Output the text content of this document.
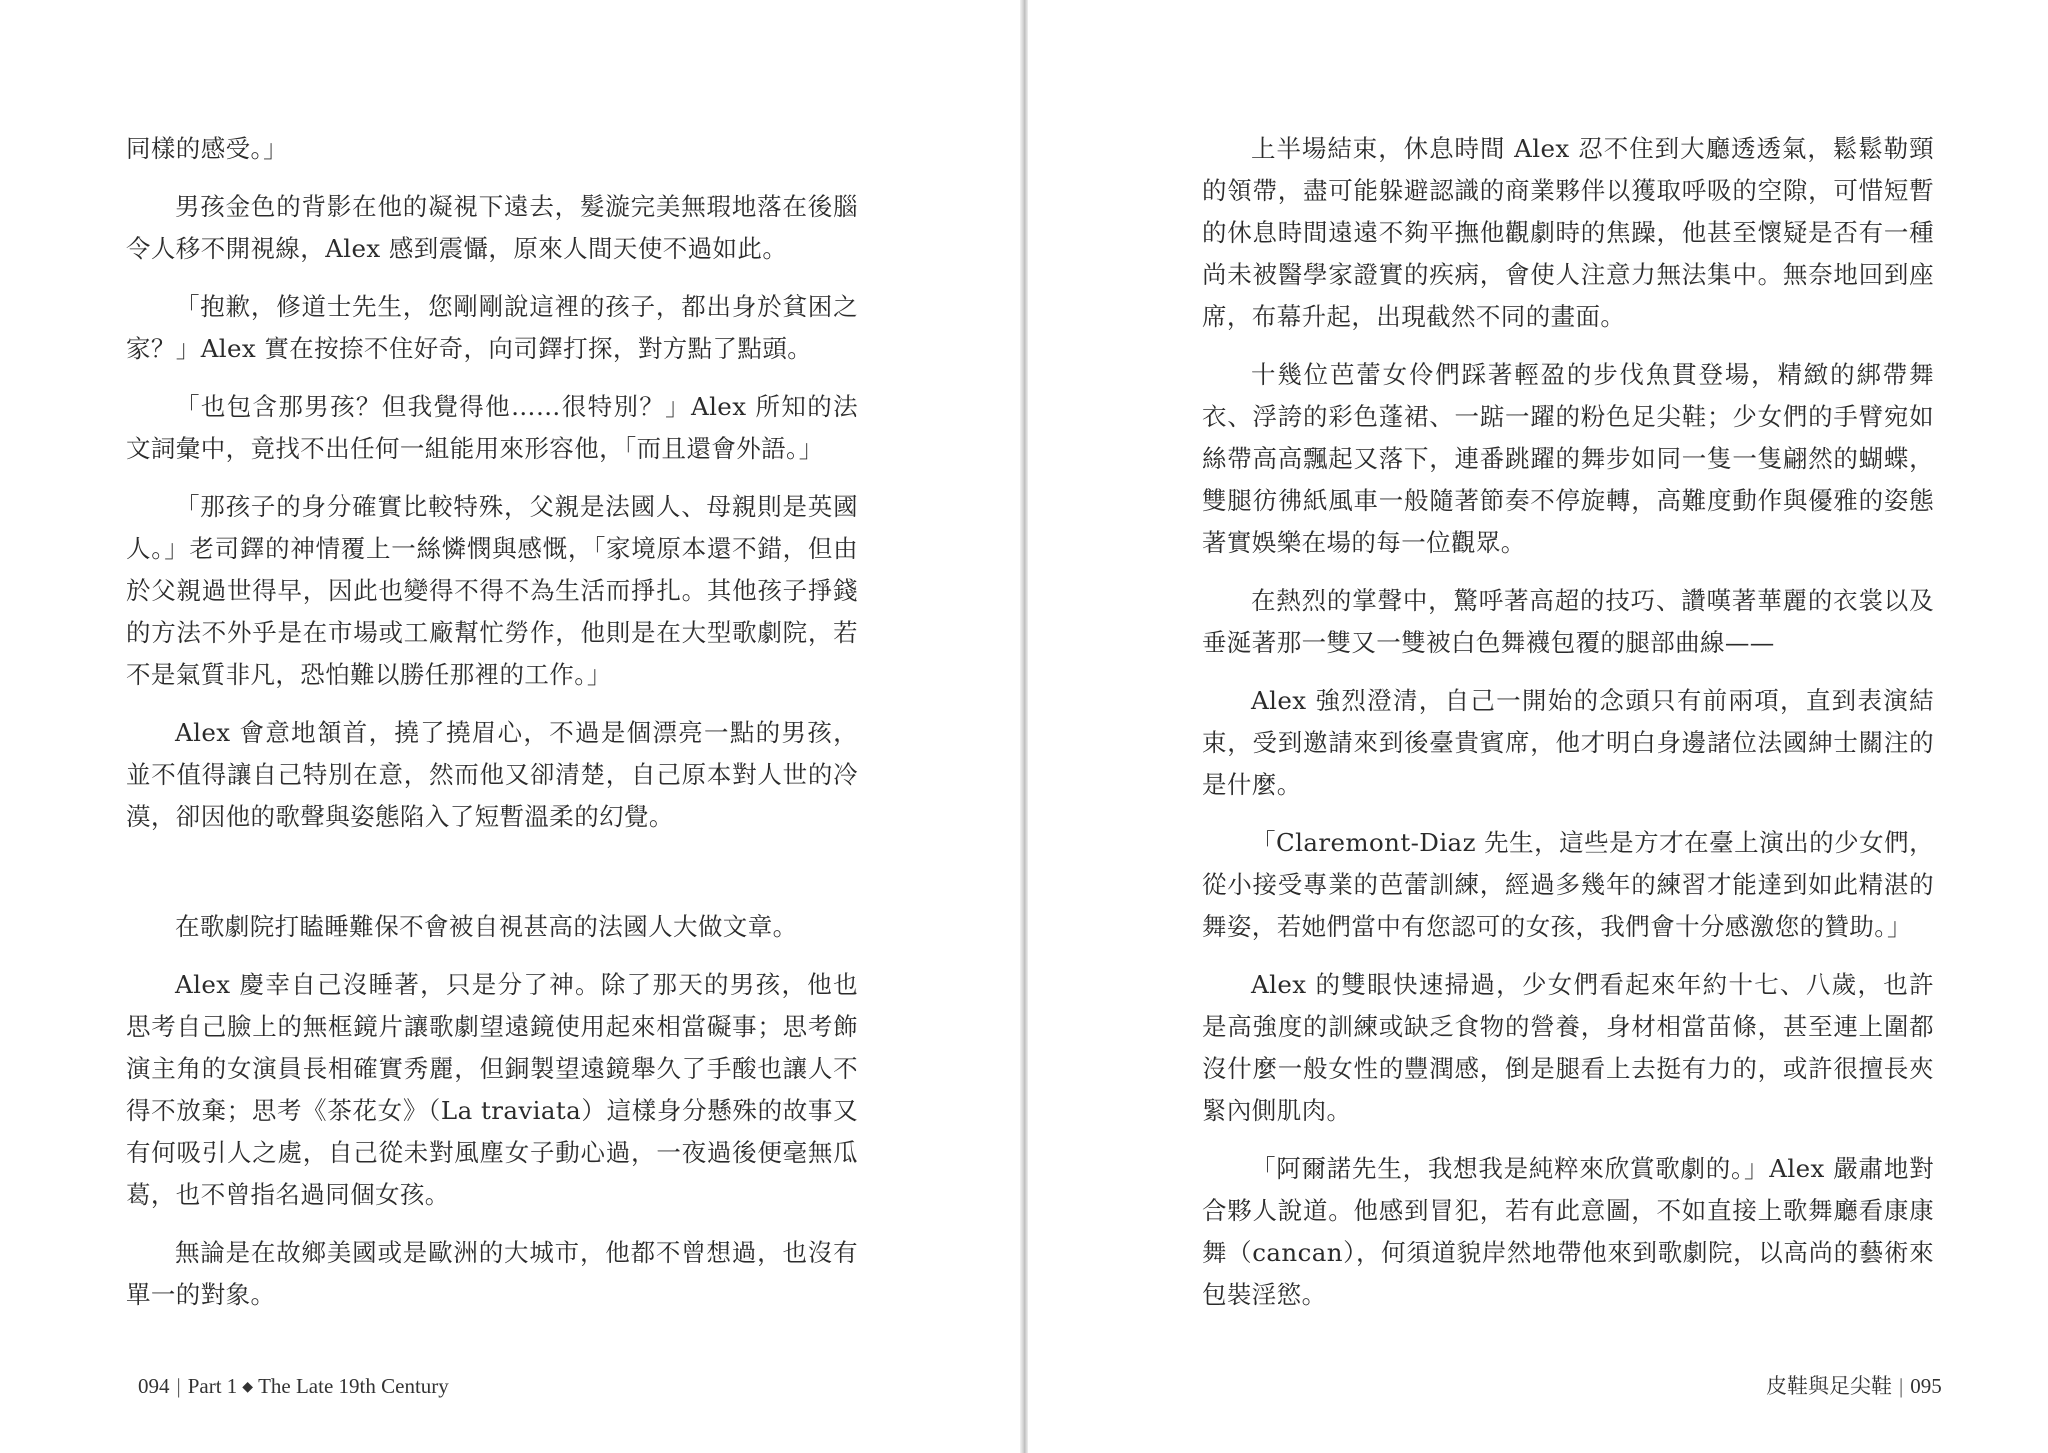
同樣的感受。」

男孩金色的背影在他的凝視下遠去，髮漩完美無瑕地落在後腦令人移不開視線，Alex 感到震懾，原來人間天使不過如此。

「抱歉，修道士先生，您剛剛說這裡的孩子，都出身於貧困之家？」Alex 實在按捺不住好奇，向司鐸打探，對方點了點頭。

「也包含那男孩？但我覺得他……很特別？」Alex 所知的法文詞彙中，竟找不出任何一組能用來形容他，「而且還會外語。」

「那孩子的身分確實比較特殊，父親是法國人、母親則是英國人。」老司鐸的神情覆上一絲憐憫與感慨，「家境原本還不錯，但由於父親過世得早，因此也變得不得不為生活而掙扎。其他孩子掙錢的方法不外乎是在市場或工廠幫忙勞作，他則是在大型歌劇院，若不是氣質非凡，恐怕難以勝任那裡的工作。」

Alex 會意地頷首，撓了撓眉心，不過是個漂亮一點的男孩，並不值得讓自己特別在意，然而他又卻清楚，自己原本對人世的冷漠，卻因他的歌聲與姿態陷入了短暫溫柔的幻覺。

在歌劇院打瞌睡難保不會被自視甚高的法國人大做文章。

Alex 慶幸自己沒睡著，只是分了神。除了那天的男孩，他也思考自己臉上的無框鏡片讓歌劇望遠鏡使用起來相當礙事；思考飾演主角的女演員長相確實秀麗，但銅製望遠鏡舉久了手酸也讓人不得不放棄；思考《茶花女》（La traviata）這樣身分懸殊的故事又有何吸引人之處，自己從未對風塵女子動心過，一夜過後便毫無瓜葛，也不曾指名過同個女孩。

無論是在故鄉美國或是歐洲的大城市，他都不曾想過，也沒有單一的對象。

上半場結束，休息時間 Alex 忍不住到大廳透透氣，鬆鬆勒頸的領帶，盡可能躲避認識的商業夥伴以獲取呼吸的空隙，可惜短暫的休息時間遠遠不夠平撫他觀劇時的焦躁，他甚至懷疑是否有一種尚未被醫學家證實的疾病，會使人注意力無法集中。無奈地回到座席，布幕升起，出現截然不同的畫面。

十幾位芭蕾女伶們踩著輕盈的步伐魚貫登場，精緻的綁帶舞衣、浮誇的彩色蓬裙、一踮一躍的粉色足尖鞋；少女們的手臂宛如絲帶高高飄起又落下，連番跳躍的舞步如同一隻一隻翩然的蝴蝶，雙腿彷彿紙風車一般隨著節奏不停旋轉，高難度動作與優雅的姿態著實娛樂在場的每一位觀眾。

在熱烈的掌聲中，驚呼著高超的技巧、讚嘆著華麗的衣裳以及垂涎著那一雙又一雙被白色舞襪包覆的腿部曲線——

Alex 強烈澄清，自己一開始的念頭只有前兩項，直到表演結束，受到邀請來到後臺貴賓席，他才明白身邊諸位法國紳士關注的是什麼。

「Claremont-Diaz 先生，這些是方才在臺上演出的少女們，從小接受專業的芭蕾訓練，經過多幾年的練習才能達到如此精湛的舞姿，若她們當中有您認可的女孩，我們會十分感激您的贊助。」

Alex 的雙眼快速掃過，少女們看起來年約十七、八歲，也許是高強度的訓練或缺乏食物的營養，身材相當苗條，甚至連上圍都沒什麼一般女性的豐潤感，倒是腿看上去挺有力的，或許很擅長夾緊內側肌肉。

「阿爾諾先生，我想我是純粹來欣賞歌劇的。」Alex 嚴肅地對合夥人說道。他感到冒犯，若有此意圖，不如直接上歌舞廳看康康舞（cancan），何須道貌岸然地帶他來到歌劇院，以高尚的藝術來包裝淫慾。

094 | Part 1 ◆ The Late 19th Century	皮鞋與足尖鞋 | 095
